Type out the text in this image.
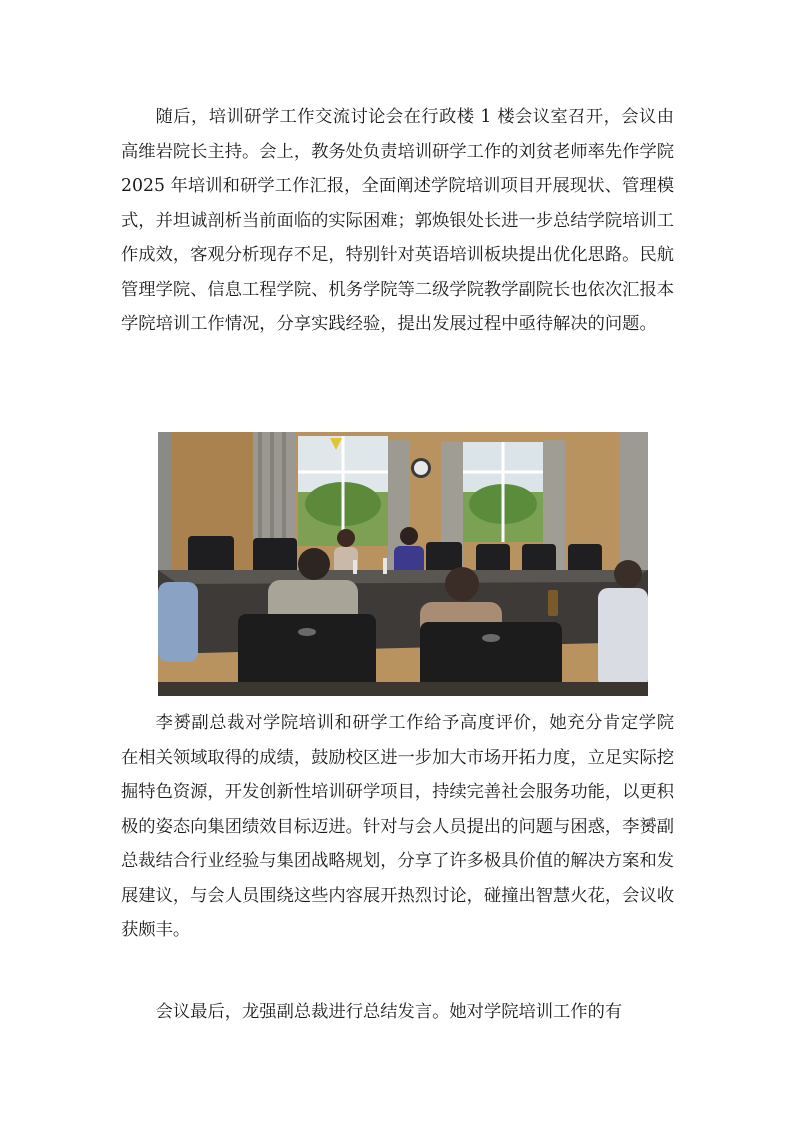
随后，培训研学工作交流讨论会在行政楼 1 楼会议室召开，会议由高维岩院长主持。会上，教务处负责培训研学工作的刘贫老师率先作学院 2025 年培训和研学工作汇报，全面阐述学院培训项目开展现状、管理模式，并坦诚剖析当前面临的实际困难；郭焕银处长进一步总结学院培训工作成效，客观分析现存不足，特别针对英语培训板块提出优化思路。民航管理学院、信息工程学院、机务学院等二级学院教学副院长也依次汇报本学院培训工作情况，分享实践经验，提出发展过程中亟待解决的问题。

李赟副总裁对学院培训和研学工作给予高度评价，她充分肯定学院在相关领域取得的成绩，鼓励校区进一步加大市场开拓力度，立足实际挖掘特色资源，开发创新性培训研学项目，持续完善社会服务功能，以更积极的姿态向集团绩效目标迈进。针对与会人员提出的问题与困惑，李赟副总裁结合行业经验与集团战略规划，分享了许多极具价值的解决方案和发展建议，与会人员围绕这些内容展开热烈讨论，碰撞出智慧火花，会议收获颇丰。

会议最后，龙强副总裁进行总结发言。她对学院培训工作的有
